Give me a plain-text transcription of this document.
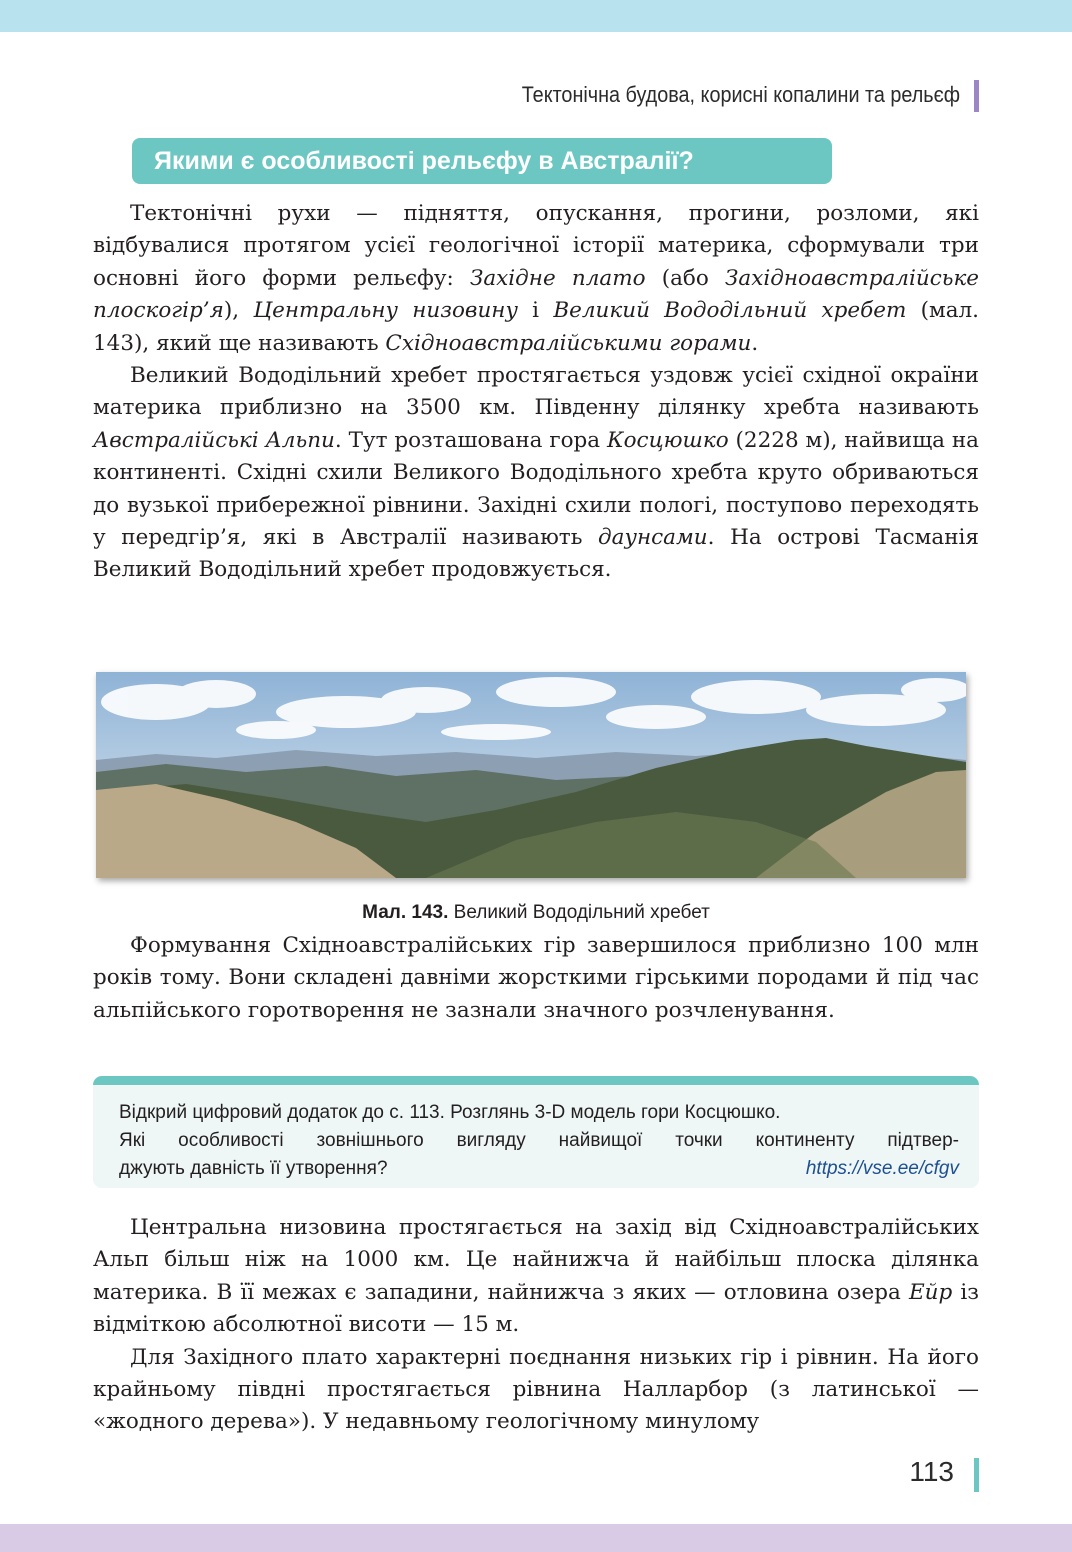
Тектонічна будова, корисні копалини та рельєф
Якими є особливості рельєфу в Австралії?

Тектонічні рухи — підняття, опускання, прогини, розломи, які відбувалися протягом усієї геологічної історії материка, сформували три основні його форми рельєфу: Західне плато (або Західноавстралійське плоскогір’я), Центральну низовину і Великий Вододільний хребет (мал. 143), який ще називають Східноавстралійськими горами.

Великий Вододільний хребет простягається уздовж усієї східної окраїни материка приблизно на 3500 км. Південну ділянку хребта називають Австралійські Альпи. Тут розташована гора Косцюшко (2228 м), найвища на континенті. Східні схили Великого Вододільного хребта круто обриваються до вузької прибережної рівнини. Західні схили пологі, поступово переходять у передгір’я, які в Австралії називають даунсами. На острові Тасманія Великий Вододільний хребет продовжується.

Мал. 143. Великий Вододільний хребет

Формування Східноавстралійських гір завершилося приблизно 100 млн років тому. Вони складені давніми жорсткими гірськими породами й під час альпійського горотворення не зазнали значного розчленування.

Відкрий цифровий додаток до с. 113. Розглянь 3-D модель гори Косцюшко.
Які особливості зовнішнього вигляду найвищої точки континенту підтвер-
джують давність її утворення?	https://vse.ee/cfgv

Центральна низовина простягається на захід від Східноавстралійських Альп більш ніж на 1000 км. Це найнижча й найбільш плоска ділянка материка. В її межах є западини, найнижча з яких — отловина озера Ейр із відміткою абсолютної висоти — 15 м.

Для Західного плато характерні поєднання низьких гір і рівнин. На його крайньому півдні простягається рівнина Налларбор (з латинської — «жодного дерева»). У недавньому геологічному минулому

113
